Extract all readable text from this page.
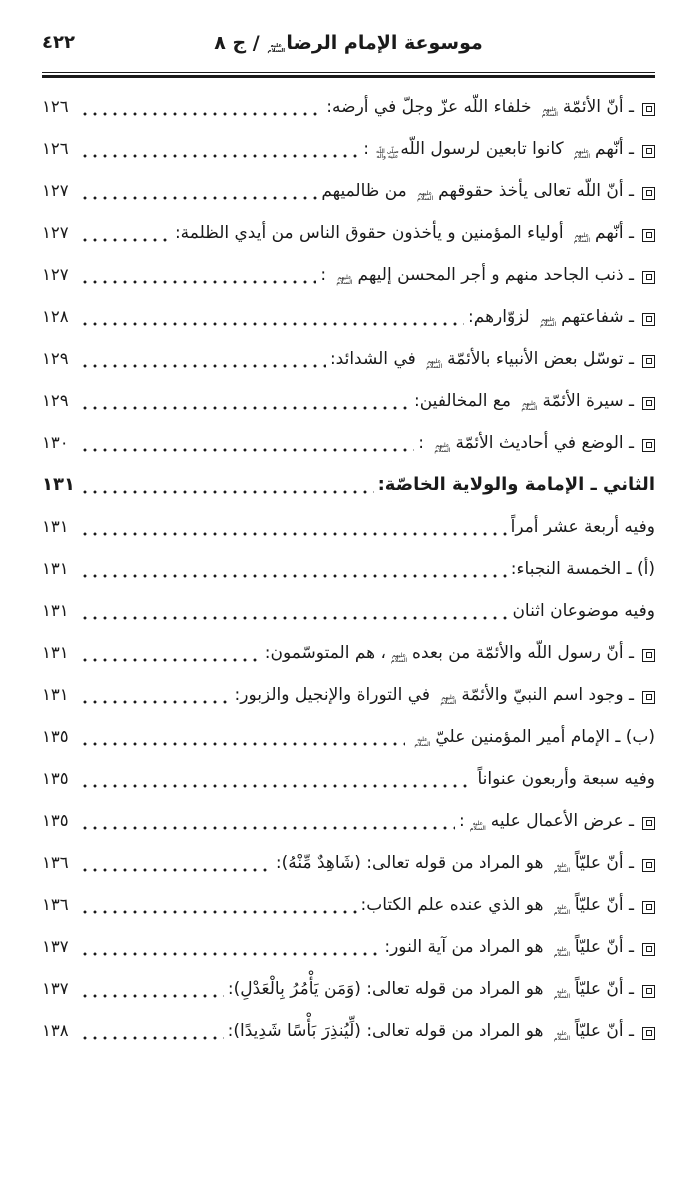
٤٢٢	موسوعة الإمام الرضاعليه السلام / ج ٨
ـ أنّ الأئمّةعليهم السلام خلفاء اللّه عزّ وجلّ في أرضه:
١٢٦
ـ أنّهمعليهم السلام كانوا تابعين لرسول اللّهصلّى اللّه عليه وآله :
١٢٦
ـ أنّ اللّه تعالى يأخذ حقوقهمعليهم السلام من ظالميهم
١٢٧
ـ أنّهمعليهم السلام أولياء المؤمنين و يأخذون حقوق الناس من أيدي الظلمة:
١٢٧
ـ ذنب الجاحد منهم و أجر المحسن إليهمعليهم السلام :
١٢٧
ـ شفاعتهمعليهم السلام لزوّارهم:
١٢٨
ـ توسّل بعض الأنبياء بالأئمّةعليهم السلام في الشدائد:
١٢٩
ـ سيرة الأئمّةعليهم السلام مع المخالفين:
١٢٩
ـ الوضع في أحاديث الأئمّةعليهم السلام :
١٣٠
الثاني ـ الإمامة والولاية الخاصّة:
١٣١
وفيه أربعة عشر أمراً
١٣١
(أ) ـ الخمسة النجباء:
١٣١
وفيه موضوعان اثنان
١٣١
ـ أنّ رسول اللّه والأئمّة من بعدهعليهم السلام، هم المتوسّمون:
١٣١
ـ وجود اسم النبيّ والأئمّةعليهم السلام في التوراة والإنجيل والزبور:
١٣١
(ب) ـ الإمام أمير المؤمنين عليّعليه السلام
١٣٥
وفيه سبعة وأربعون عنواناً
١٣٥
ـ عرض الأعمال عليهعليه السلام:
١٣٥
ـ أنّ عليّاًعليه السلام هو المراد من قوله تعالى: (شَاهِدٌ مِّنْهُ):
١٣٦
ـ أنّ عليّاًعليه السلام هو الذي عنده علم الكتاب:
١٣٦
ـ أنّ عليّاًعليه السلام هو المراد من آية النور:
١٣٧
ـ أنّ عليّاًعليه السلام هو المراد من قوله تعالى: (وَمَن يَأْمُرُ بِالْعَدْلِ):
١٣٧
ـ أنّ عليّاًعليه السلام هو المراد من قوله تعالى: (لِّيُنذِرَ بَأْسًا شَدِيدًا):
١٣٨
